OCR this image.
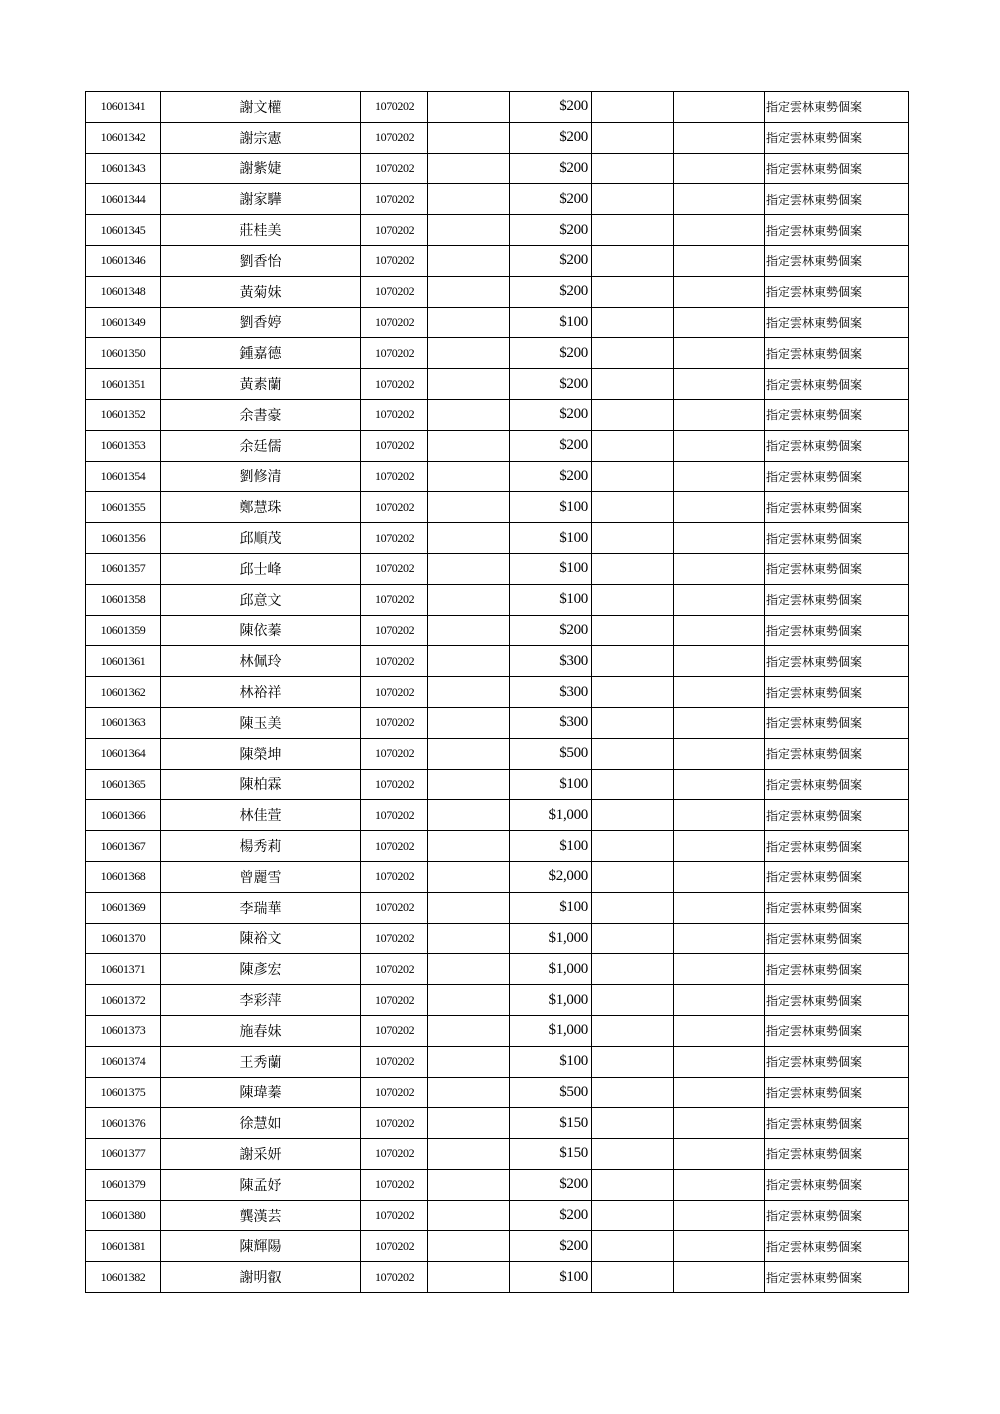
10601341	謝文權	1070202		$200			指定雲林東勢個案
10601342	謝宗憲	1070202		$200			指定雲林東勢個案
10601343	謝紫婕	1070202		$200			指定雲林東勢個案
10601344	謝家驊	1070202		$200			指定雲林東勢個案
10601345	莊桂美	1070202		$200			指定雲林東勢個案
10601346	劉香怡	1070202		$200			指定雲林東勢個案
10601348	黃菊妹	1070202		$200			指定雲林東勢個案
10601349	劉香婷	1070202		$100			指定雲林東勢個案
10601350	鍾嘉德	1070202		$200			指定雲林東勢個案
10601351	黃素蘭	1070202		$200			指定雲林東勢個案
10601352	余書豪	1070202		$200			指定雲林東勢個案
10601353	余廷儒	1070202		$200			指定雲林東勢個案
10601354	劉修清	1070202		$200			指定雲林東勢個案
10601355	鄭慧珠	1070202		$100			指定雲林東勢個案
10601356	邱順茂	1070202		$100			指定雲林東勢個案
10601357	邱士峰	1070202		$100			指定雲林東勢個案
10601358	邱意文	1070202		$100			指定雲林東勢個案
10601359	陳依蓁	1070202		$200			指定雲林東勢個案
10601361	林佩玲	1070202		$300			指定雲林東勢個案
10601362	林裕祥	1070202		$300			指定雲林東勢個案
10601363	陳玉美	1070202		$300			指定雲林東勢個案
10601364	陳榮坤	1070202		$500			指定雲林東勢個案
10601365	陳柏霖	1070202		$100			指定雲林東勢個案
10601366	林佳萱	1070202		$1,000			指定雲林東勢個案
10601367	楊秀莉	1070202		$100			指定雲林東勢個案
10601368	曾麗雪	1070202		$2,000			指定雲林東勢個案
10601369	李瑞華	1070202		$100			指定雲林東勢個案
10601370	陳裕文	1070202		$1,000			指定雲林東勢個案
10601371	陳彥宏	1070202		$1,000			指定雲林東勢個案
10601372	李彩萍	1070202		$1,000			指定雲林東勢個案
10601373	施春妹	1070202		$1,000			指定雲林東勢個案
10601374	王秀蘭	1070202		$100			指定雲林東勢個案
10601375	陳瑋蓁	1070202		$500			指定雲林東勢個案
10601376	徐慧如	1070202		$150			指定雲林東勢個案
10601377	謝采妍	1070202		$150			指定雲林東勢個案
10601379	陳孟妤	1070202		$200			指定雲林東勢個案
10601380	龔漢芸	1070202		$200			指定雲林東勢個案
10601381	陳輝陽	1070202		$200			指定雲林東勢個案
10601382	謝明叡	1070202		$100			指定雲林東勢個案
